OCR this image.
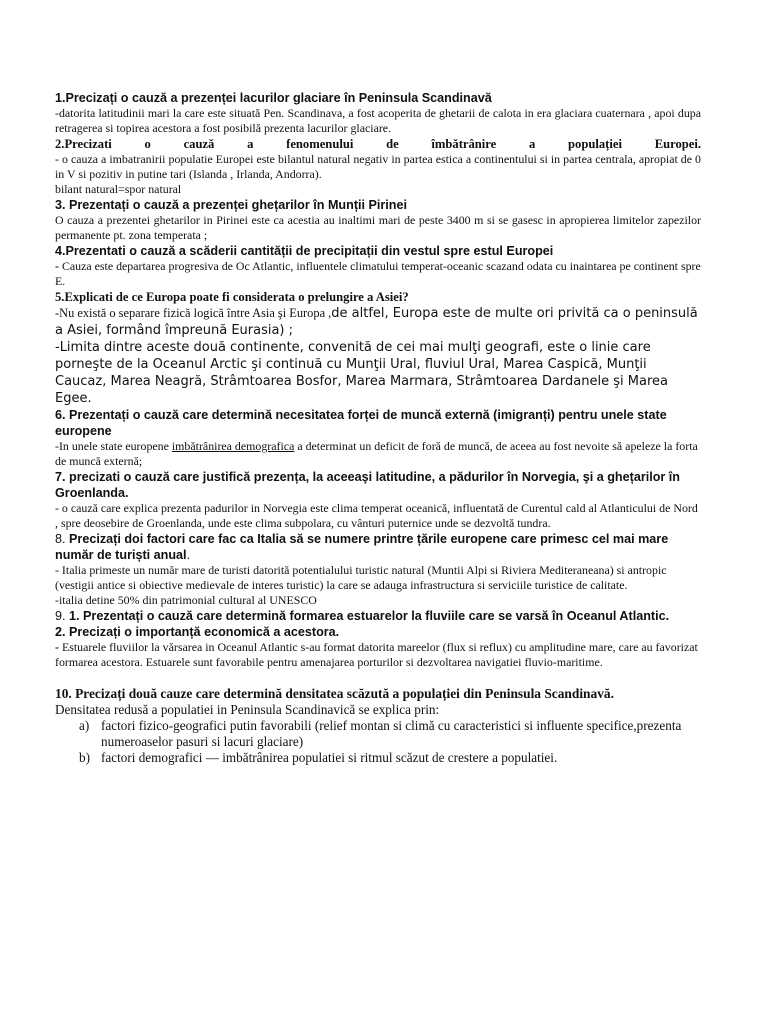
1.Precizați o cauză a prezenței lacurilor glaciare în Peninsula Scandinavă

-datorita latitudinii mari la care este situată Pen. Scandinava, a fost acoperita de ghetarii de calota in era glaciara cuaternara , apoi dupa retragerea si topirea acestora a fost posibilă prezenta lacurilor glaciare.

2.Precizati o cauză a fenomenului de îmbătrânire a populației Europei.

- o cauza a imbatranirii populatie Europei este bilantul natural negativ in partea estica a continentului si in partea centrala, apropiat de 0 in V si pozitiv in putine tari (Islanda , Irlanda, Andorra).

bilant natural=spor natural

3. Prezentați o cauză a prezenței ghețarilor în Munții Pirinei

O cauza a prezentei ghetarilor in Pirinei este ca acestia au inaltimi mari de peste 3400 m si se gasesc in apropierea limitelor zapezilor permanente pt. zona temperata ;

4.Prezentati o cauză a scăderii cantității de precipitații din vestul spre estul Europei

- Cauza este departarea progresiva de Oc Atlantic, influentele climatului temperat-oceanic scazand odata cu inaintarea pe continent spre E.

5.Explicati de ce Europa poate fi considerata o prelungire a Asiei?

-Nu există o separare fizică logică între Asia şi Europa ,de altfel, Europa este de multe ori privită ca o peninsulă a Asiei, formând împreună Eurasia) ;

-Limita dintre aceste două continente, convenită de cei mai mulţi geografi, este o linie care porneşte de la Oceanul Arctic şi continuă cu Munţii Ural, fluviul Ural, Marea Caspică, Munţii Caucaz, Marea Neagră, Strâmtoarea Bosfor, Marea Marmara, Strâmtoarea Dardanele şi Marea Egee.

6. Prezentați o cauză care determină necesitatea forței de muncă externă (imigranți) pentru unele state europene

-In unele state europene imbătrânirea demografica a determinat un deficit de foră de muncă, de aceea au fost nevoite să apeleze la forta de muncă externă;

7. precizati o cauză care justifică prezența, la aceeaşi latitudine, a pădurilor în Norvegia, şi a ghețarilor în Groenlanda.

- o cauză care explica prezenta padurilor in Norvegia este clima temperat oceanică, influentată de Curentul cald al Atlanticului de Nord , spre deosebire de Groenlanda, unde este clima subpolara, cu vânturi puternice unde se dezvoltă tundra.

8. Precizați doi factori care fac ca Italia să se numere printre țările europene care primesc cel mai mare număr de turiști anual.

- Italia primeste un număr mare de turisti datorită potentialului turistic natural (Muntii Alpi si Riviera Mediteraneana) si antropic (vestigii antice si obiective medievale de interes turistic) la care se adauga infrastructura si serviciile turistice de calitate.

-italia detine 50% din patrimonial cultural al UNESCO

9. 1. Prezentați o cauză care determină formarea estuarelor la fluviile care se varsă în Oceanul Atlantic.

2. Precizați o importanță economică a acestora.

- Estuarele fluviilor la vărsarea in Oceanul Atlantic s-au format datorita mareelor (flux si reflux) cu amplitudine mare, care au favorizat formarea acestora. Estuarele sunt favorabile pentru amenajarea porturilor si dezvoltarea navigatiei fluvio-maritime.

10. Precizați două cauze care determină densitatea scăzută a populației din Peninsula Scandinavă.

Densitatea redusă a populatiei in Peninsula Scandinavică se explica prin:

a) factori fizico-geografici putin favorabili (relief montan si climă cu caracteristici si influente specifice,prezenta numeroaselor pasuri si lacuri glaciare)
b) factori demografici — imbătrânirea populatiei si ritmul scăzut de crestere a populatiei.
